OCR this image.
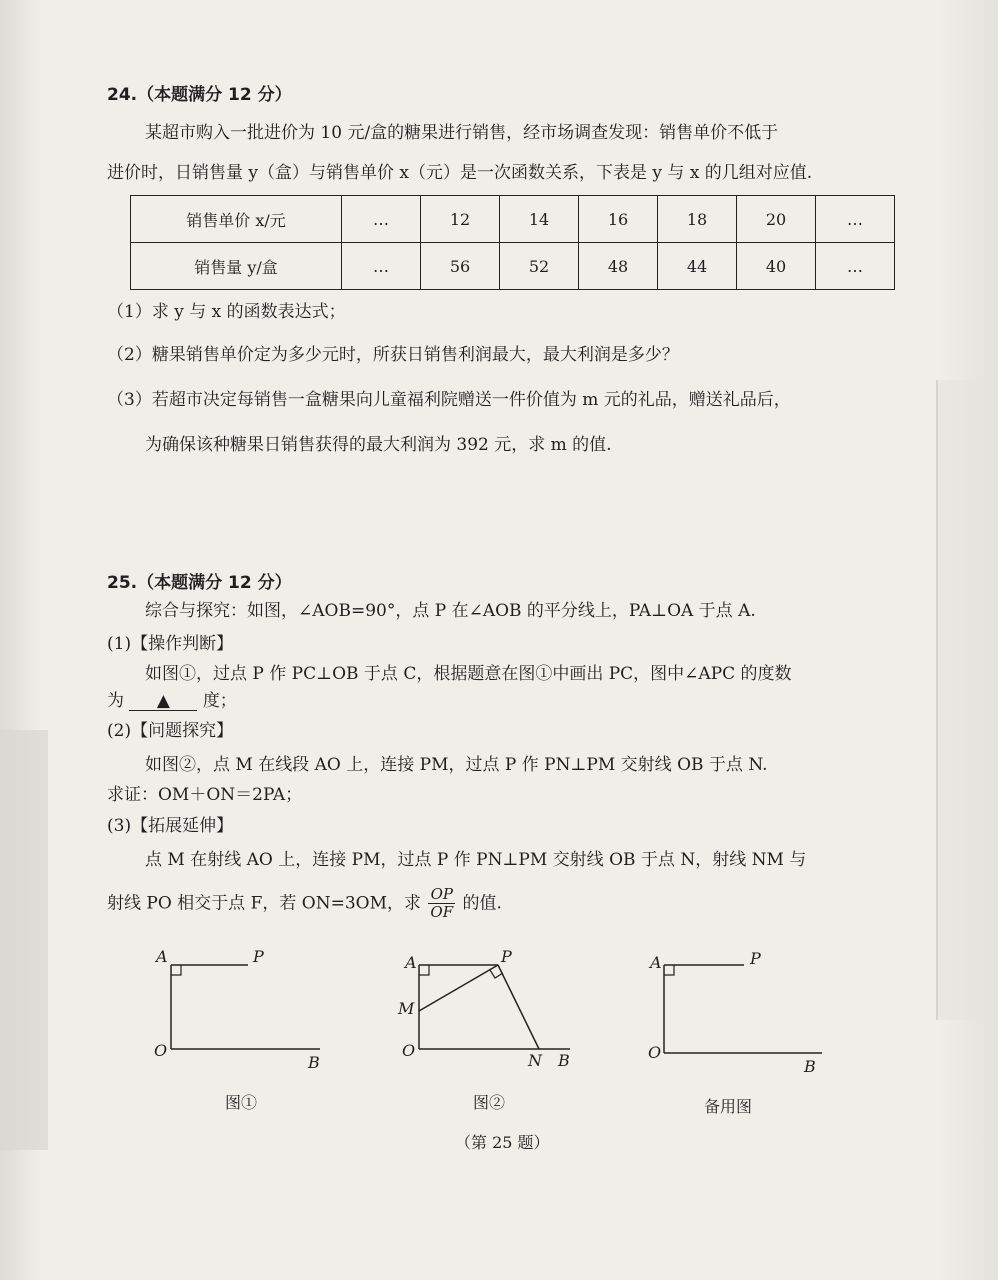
24.（本题满分 12 分）
某超市购入一批进价为 10 元/盒的糖果进行销售，经市场调查发现：销售单价不低于
进价时，日销售量 y（盒）与销售单价 x（元）是一次函数关系，下表是 y 与 x 的几组对应值.
销售单价 x/元	…	12	14	16	18	20	…
销售量 y/盒	…	56	52	48	44	40	…
（1）求 y 与 x 的函数表达式；
（2）糖果销售单价定为多少元时，所获日销售利润最大，最大利润是多少？
（3）若超市决定每销售一盒糖果向儿童福利院赠送一件价值为 m 元的礼品，赠送礼品后，
为确保该种糖果日销售获得的最大利润为 392 元，求 m 的值.
25.（本题满分 12 分）
综合与探究：如图，∠AOB=90°，点 P 在∠AOB 的平分线上，PA⊥OA 于点 A.
(1)【操作判断】
如图①，过点 P 作 PC⊥OB 于点 C，根据题意在图①中画出 PC，图中∠APC 的度数
为 ▲ 度；
(2)【问题探究】
如图②，点 M 在线段 AO 上，连接 PM，过点 P 作 PN⊥PM 交射线 OB 于点 N.
求证：OM＋ON＝2PA；
(3)【拓展延伸】
点 M 在射线 AO 上，连接 PM，过点 P 作 PN⊥PM 交射线 OB 于点 N，射线 NM 与
射线 PO 相交于点 F，若 ON=3OM，求 $\frac{OP}{OF}$ 的值.
A	P
O
B
图①
A	P
M
O
N B
图②
A	P
O
B
备用图
（第 25 题）
